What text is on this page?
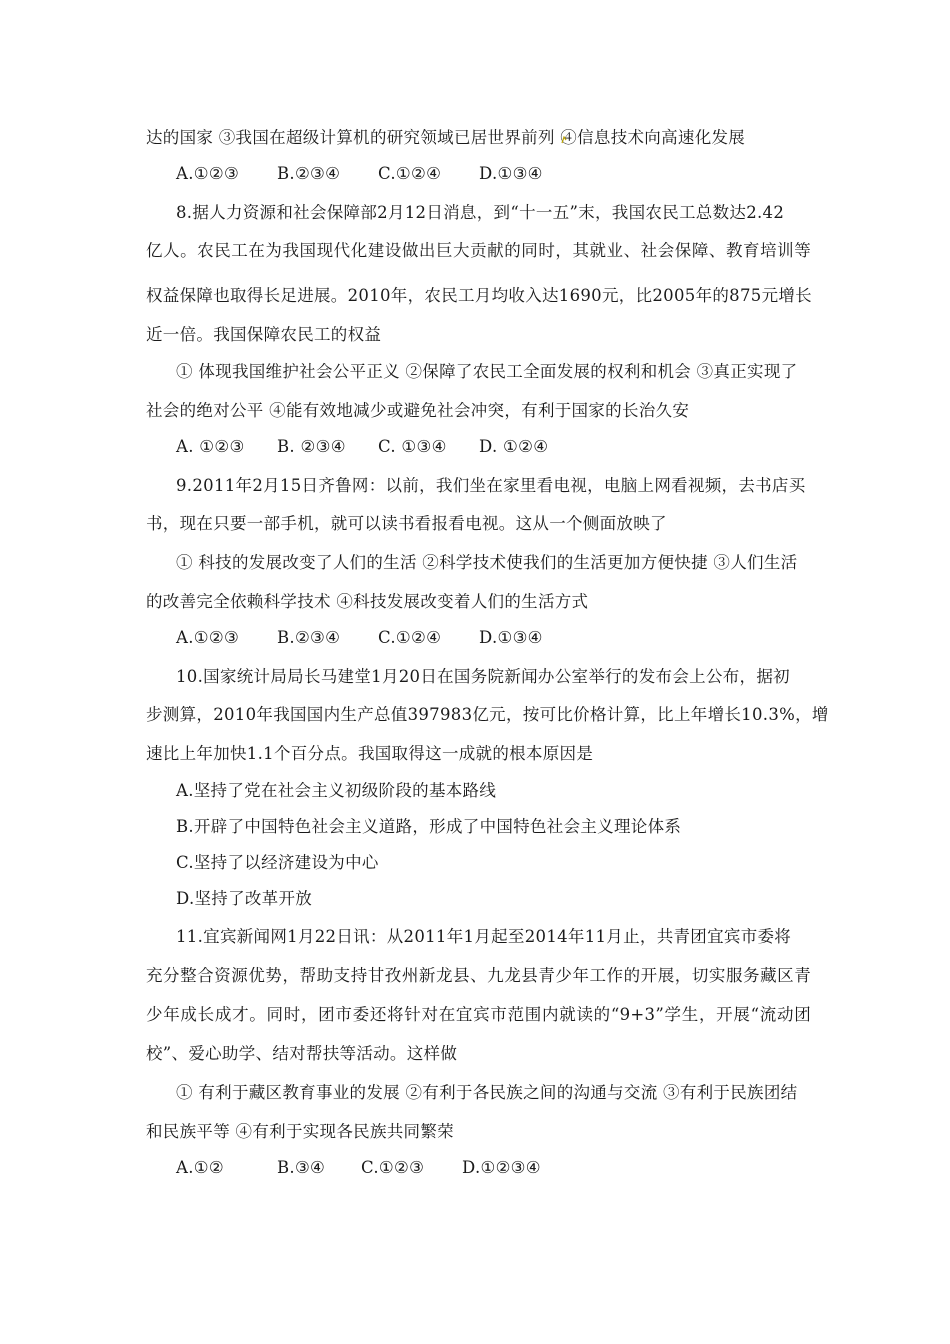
达的国家 ③我国在超级计算机的研究领域已居世界前列 ④信息技术向高速化发展
A.①②③	B.②③④	C.①②④	D.①③④
8.据人力资源和社会保障部2月12日消息，到“十一五”末，我国农民工总数达2.42
亿人。农民工在为我国现代化建设做出巨大贡献的同时，其就业、社会保障、教育培训等
权益保障也取得长足进展。2010年，农民工月均收入达1690元，比2005年的875元增长
近一倍。我国保障农民工的权益
① 体现我国维护社会公平正义 ②保障了农民工全面发展的权利和机会 ③真正实现了
社会的绝对公平 ④能有效地减少或避免社会冲突，有利于国家的长治久安
A. ①②③	B. ②③④	C. ①③④	D. ①②④
9.2011年2月15日齐鲁网：以前，我们坐在家里看电视，电脑上网看视频，去书店买
书，现在只要一部手机，就可以读书看报看电视。这从一个侧面放映了
① 科技的发展改变了人们的生活 ②科学技术使我们的生活更加方便快捷 ③人们生活
的改善完全依赖科学技术 ④科技发展改变着人们的生活方式
A.①②③	B.②③④	C.①②④	D.①③④
10.国家统计局局长马建堂1月20日在国务院新闻办公室举行的发布会上公布，据初
步测算，2010年我国国内生产总值397983亿元，按可比价格计算，比上年增长10.3%，增
速比上年加快1.1个百分点。我国取得这一成就的根本原因是
A.坚持了党在社会主义初级阶段的基本路线
B.开辟了中国特色社会主义道路，形成了中国特色社会主义理论体系
C.坚持了以经济建设为中心
D.坚持了改革开放
11.宜宾新闻网1月22日讯：从2011年1月起至2014年11月止，共青团宜宾市委将
充分整合资源优势，帮助支持甘孜州新龙县、九龙县青少年工作的开展，切实服务藏区青
少年成长成才。同时，团市委还将针对在宜宾市范围内就读的“9+3”学生，开展“流动团
校”、爱心助学、结对帮扶等活动。这样做
① 有利于藏区教育事业的发展 ②有利于各民族之间的沟通与交流 ③有利于民族团结
和民族平等 ④有利于实现各民族共同繁荣
A.①②	B.③④	C.①②③	D.①②③④
